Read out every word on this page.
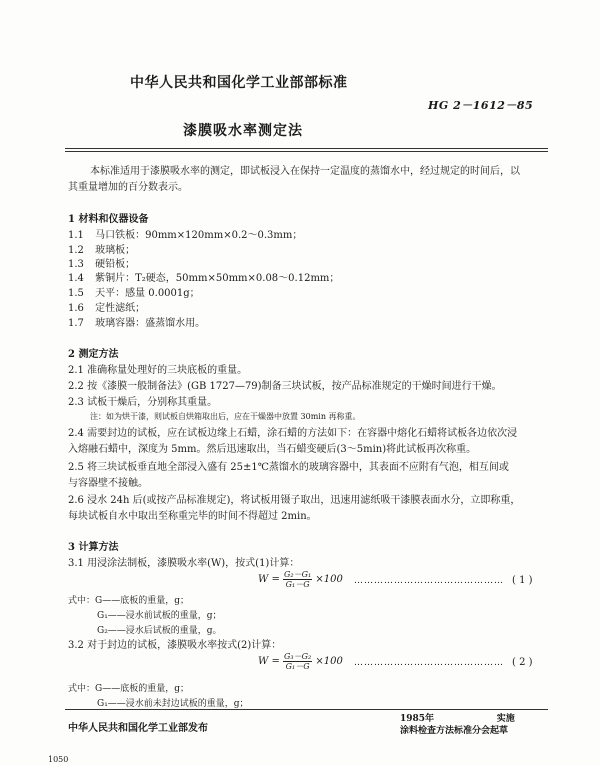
中华人民共和国化学工业部部标准
HG 2－1612－85
漆膜吸水率测定法
本标准适用于漆膜吸水率的测定，即试板浸入在保持一定温度的蒸馏水中，经过规定的时间后，以
其重量增加的百分数表示。
1 材料和仪器设备
1.1 马口铁板：90mm×120mm×0.2～0.3mm；
1.2 玻璃板；
1.3 硬铅板；
1.4 紫铜片：T₂硬态，50mm×50mm×0.08～0.12mm；
1.5 天平：感量 0.0001g；
1.6 定性滤纸；
1.7 玻璃容器：盛蒸馏水用。
2 测定方法
2.1 准确称量处理好的三块底板的重量。
2.2 按《漆膜一般制备法》(GB 1727—79)制备三块试板，按产品标准规定的干燥时间进行干燥。
2.3 试板干燥后，分别称其重量。
注：如为烘干漆，则试板自烘箱取出后，应在干燥器中放置 30min 再称重。
2.4 需要封边的试板，应在试板边缘上石蜡，涂石蜡的方法如下：在容器中熔化石蜡将试板各边依次浸
入熔融石蜡中，深度为 5mm。然后迅速取出，当石蜡变硬后(3～5min)将此试板再次称重。
2.5 将三块试板垂直地全部浸入盛有 25±1℃蒸馏水的玻璃容器中，其表面不应附有气泡，相互间或
与容器壁不接触。
2.6 浸水 24h 后(或按产品标准规定)，将试板用镊子取出，迅速用滤纸吸干漆膜表面水分，立即称重，
每块试板自水中取出至称重完毕的时间不得超过 2min。
3 计算方法
3.1 用浸涂法制板，漆膜吸水率(W)，按式(1)计算：
$W = \frac{\text{G₂－G₁}}{\text{G₁－G}} \times 100$ ……………………………………… ( 1 )
式中：G——底板的重量，g；
G₁——浸水前试板的重量，g；
G₂——浸水后试板的重量，g。
3.2 对于封边的试板，漆膜吸水率按式(2)计算：
$W = \frac{\text{G₃－G₂}}{\text{G₁－G}} \times 100$ ……………………………………… ( 2 )
式中：G——底板的重量，g；
G₁——浸水前未封边试板的重量，g；
中华人民共和国化学工业部发布
1985年                    实施
涂料检查方法标准分会起草
1050
